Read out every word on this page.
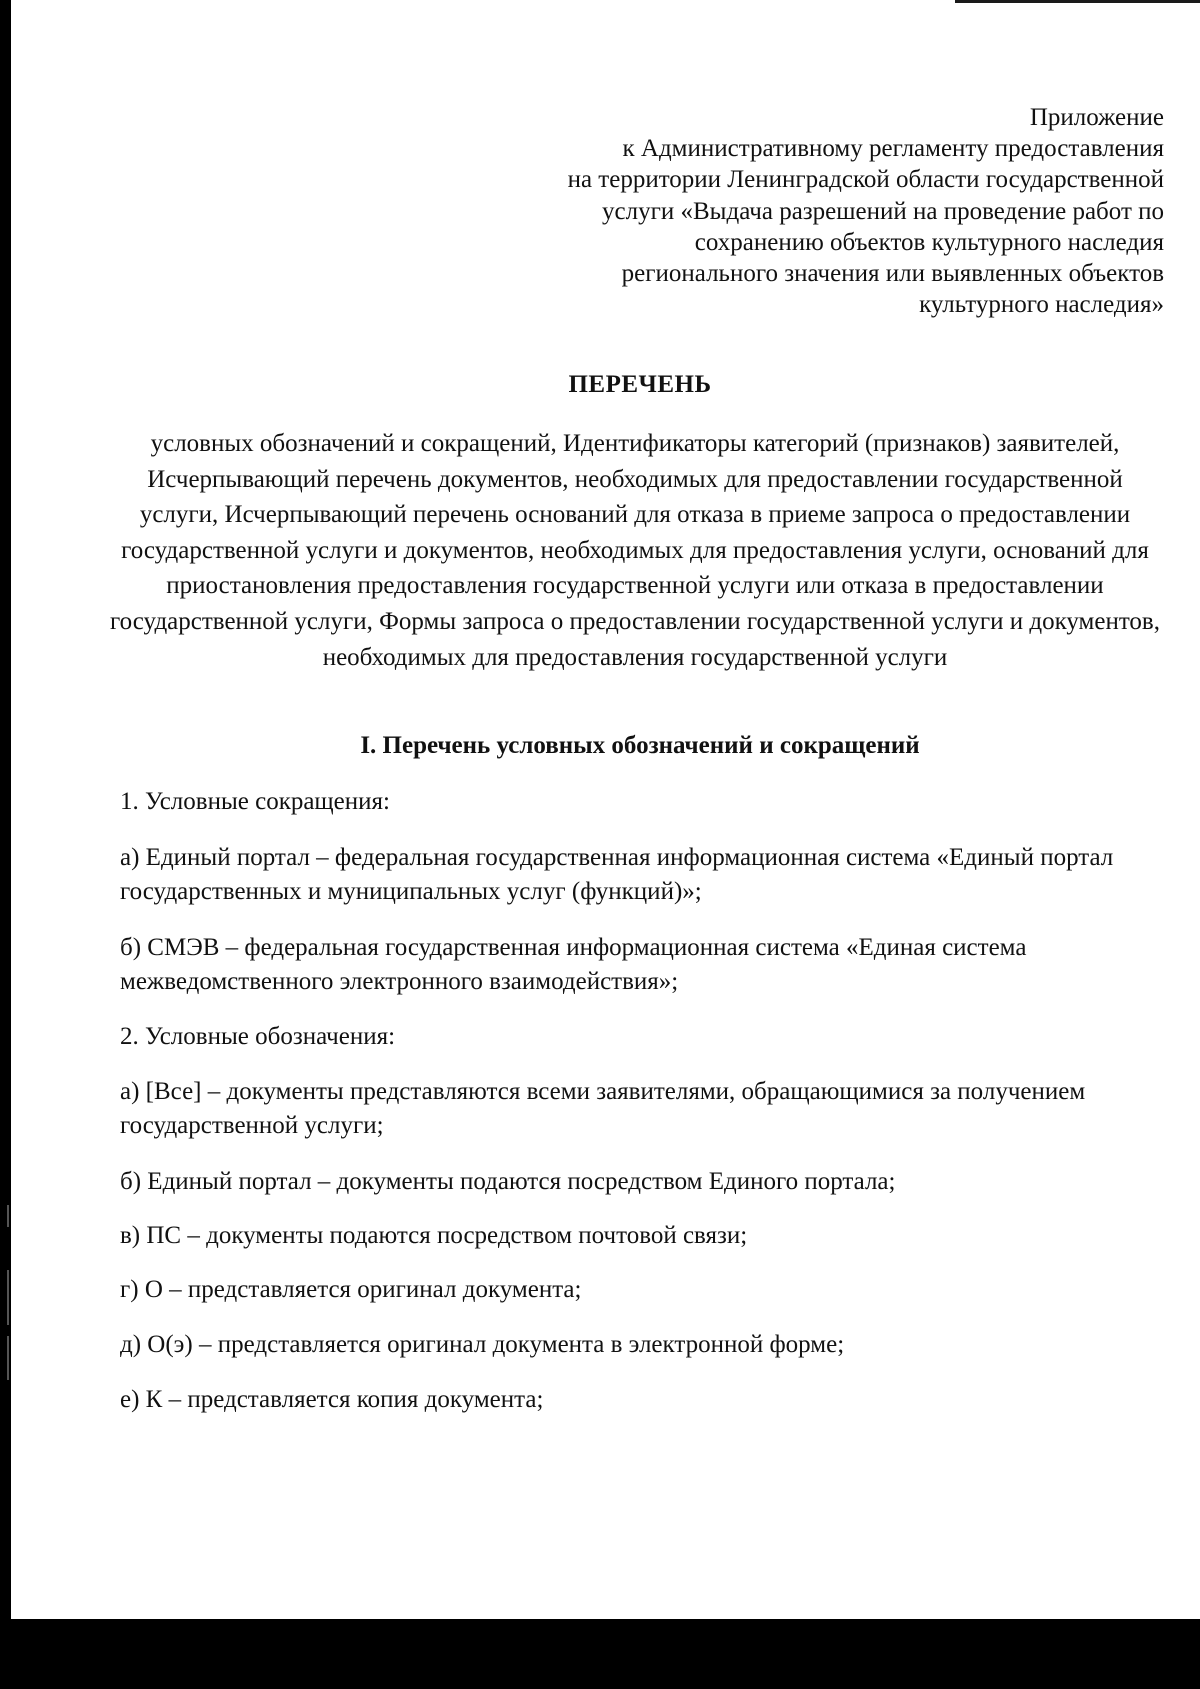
Приложение

к Административному регламенту предоставления

на территории Ленинградской области государственной

услуги «Выдача разрешений на проведение работ по

сохранению объектов культурного наследия

регионального значения или выявленных объектов

культурного наследия»

ПЕРЕЧЕНЬ

условных обозначений и сокращений, Идентификаторы категорий (признаков) заявителей, Исчерпывающий перечень документов, необходимых для предоставлении государственной услуги, Исчерпывающий перечень оснований для отказа в приеме запроса о предоставлении государственной услуги и документов, необходимых для предоставления услуги, оснований для приостановления предоставления государственной услуги или отказа в предоставлении государственной услуги, Формы запроса о предоставлении государственной услуги и документов, необходимых для предоставления государственной услуги

I. Перечень условных обозначений и сокращений

1. Условные сокращения:

а) Единый портал – федеральная государственная информационная система «Единый портал государственных и муниципальных услуг (функций)»;

б) СМЭВ – федеральная государственная информационная система «Единая система межведомственного электронного взаимодействия»;

2. Условные обозначения:

а) [Все] – документы представляются всеми заявителями, обращающимися за получением государственной услуги;

б) Единый портал – документы подаются посредством Единого портала;

в) ПС – документы подаются посредством почтовой связи;

г) О – представляется оригинал документа;

д) О(э) – представляется оригинал документа в электронной форме;

е) К – представляется копия документа;
